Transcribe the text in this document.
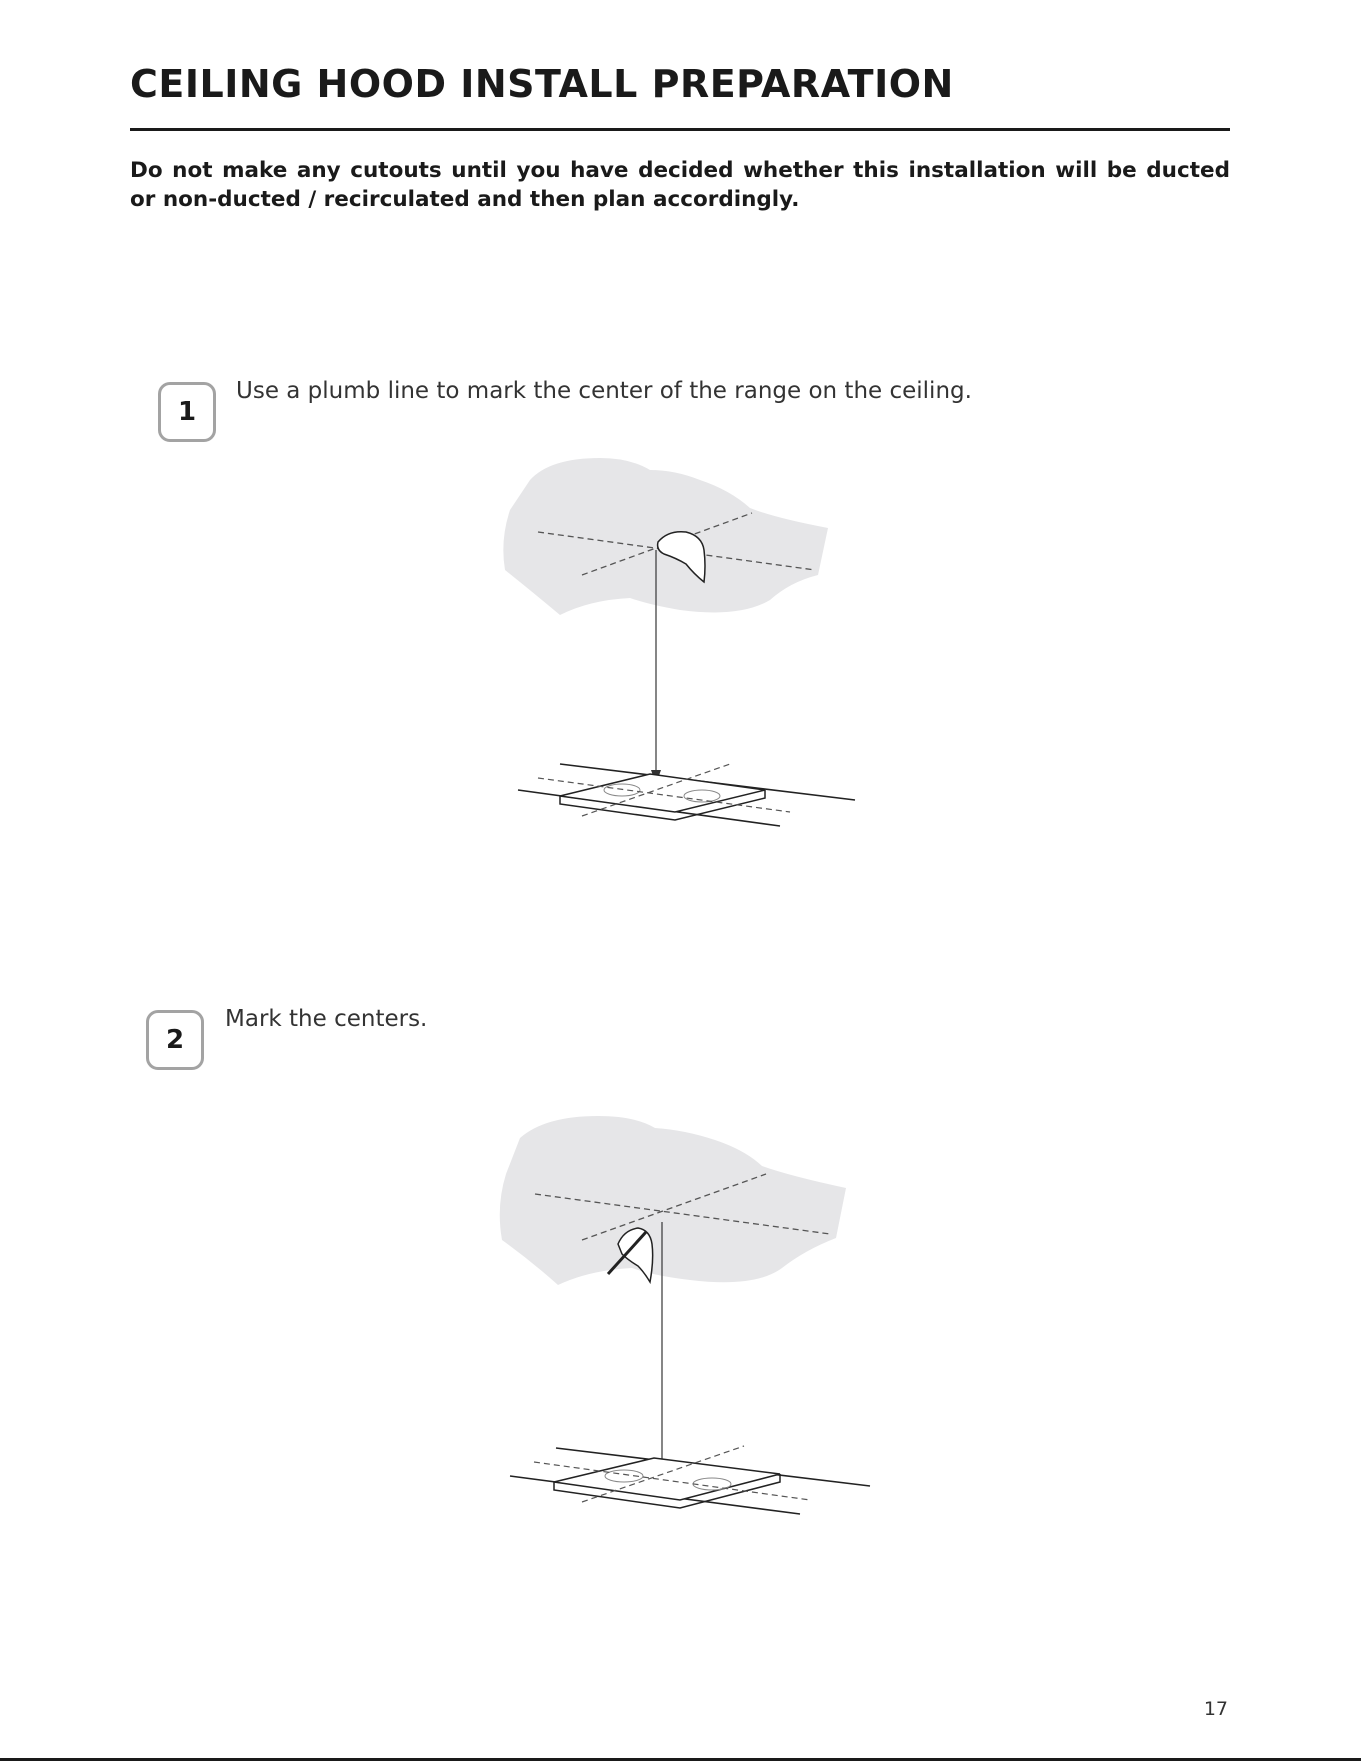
CEILING HOOD INSTALL PREPARATION

Do not make any cutouts until you have decided whether this installation will be ducted or non-ducted / recirculated and then plan accordingly.

1

Use a plumb line to mark the center of the range on the ceiling.

2

Mark the centers.

17
